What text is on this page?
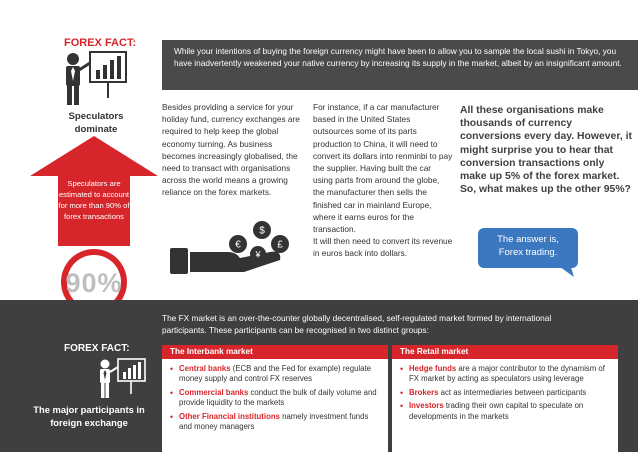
FOREX FACT:

While your intentions of buying the foreign currency might have been to allow you to sample the local sushi in Tokyo, you have inadvertently weakened your native currency by increasing its supply in the market, albeit by an insignificant amount.

Speculators
dominate
Speculators are estimated to account for more than 90% of forex transactions
90%
Besides providing a service for your holiday fund, currency exchanges are required to help keep the global economy turning. As business becomes increasingly globalised, the need to transact with organisations across the world means a growing reliance on the forex markets.
For instance, if a car manufacturer based in the United States outsources some of its parts production to China, it will need to convert its dollars into renminbi to pay the supplier. Having built the car using parts from around the globe, the manufacturer then sells the finished car in mainland Europe, where it earns euros for the transaction.
It will then need to convert its revenue in euros back into dollars.
All these organisations make thousands of currency conversions every day. However, it might surprise you to hear that conversion transactions only make up 5% of the forex market. So, what makes up the other 95%?
The answer is,
Forex trading.
€
$
£
¥
The FX market is an over-the-counter globally decentralised, self-regulated market formed by international participants. These participants can be recognised in two distinct groups:
FOREX FACT:
The major participants in foreign exchange
The Interbank market
• Central banks (ECB and the Fed for example) regulate money supply and control FX reserves
• Commercial banks conduct the bulk of daily volume and provide liquidity to the markets
• Other Financial institutions namely investment funds and money managers
The Retail market
• Hedge funds are a major contributor to the dynamism of FX market by acting as speculators using leverage
• Brokers act as intermediaries between participants
• Investors trading their own capital to speculate on developments in the markets
